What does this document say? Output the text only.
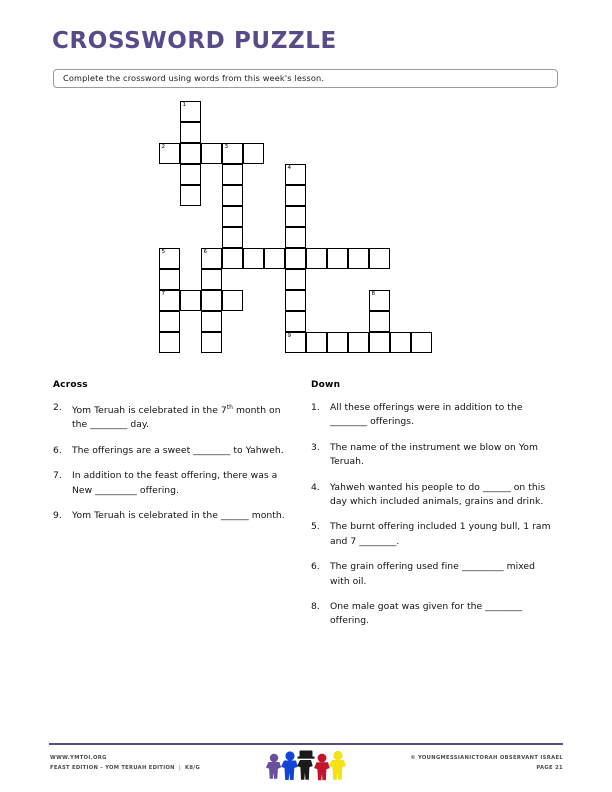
CROSSWORD PUZZLE
Complete the crossword using words from this week's lesson.
1
2	3
4
5	6
7	8
9
Across
2. Yom Teruah is celebrated in the 7th month on the ________ day.
6. The offerings are a sweet ________ to Yahweh.
7. In addition to the feast offering, there was a New _________ offering.
9. Yom Teruah is celebrated in the ______ month.
Down
1. All these offerings were in addition to the ________ offerings.
3. The name of the instrument we blow on Yom Teruah.
4. Yahweh wanted his people to do ______ on this day which included animals, grains and drink.
5. The burnt offering included 1 young bull, 1 ram and 7 ________.
6. The grain offering used fine _________ mixed with oil.
8. One male goat was given for the ________ offering.
WWW.YMTOI.ORG
FEAST EDITION – YOM TERUAH EDITION | K8/G
© YOUNGMESSIANICTORAH OBSERVANT ISRAEL
PAGE 21
